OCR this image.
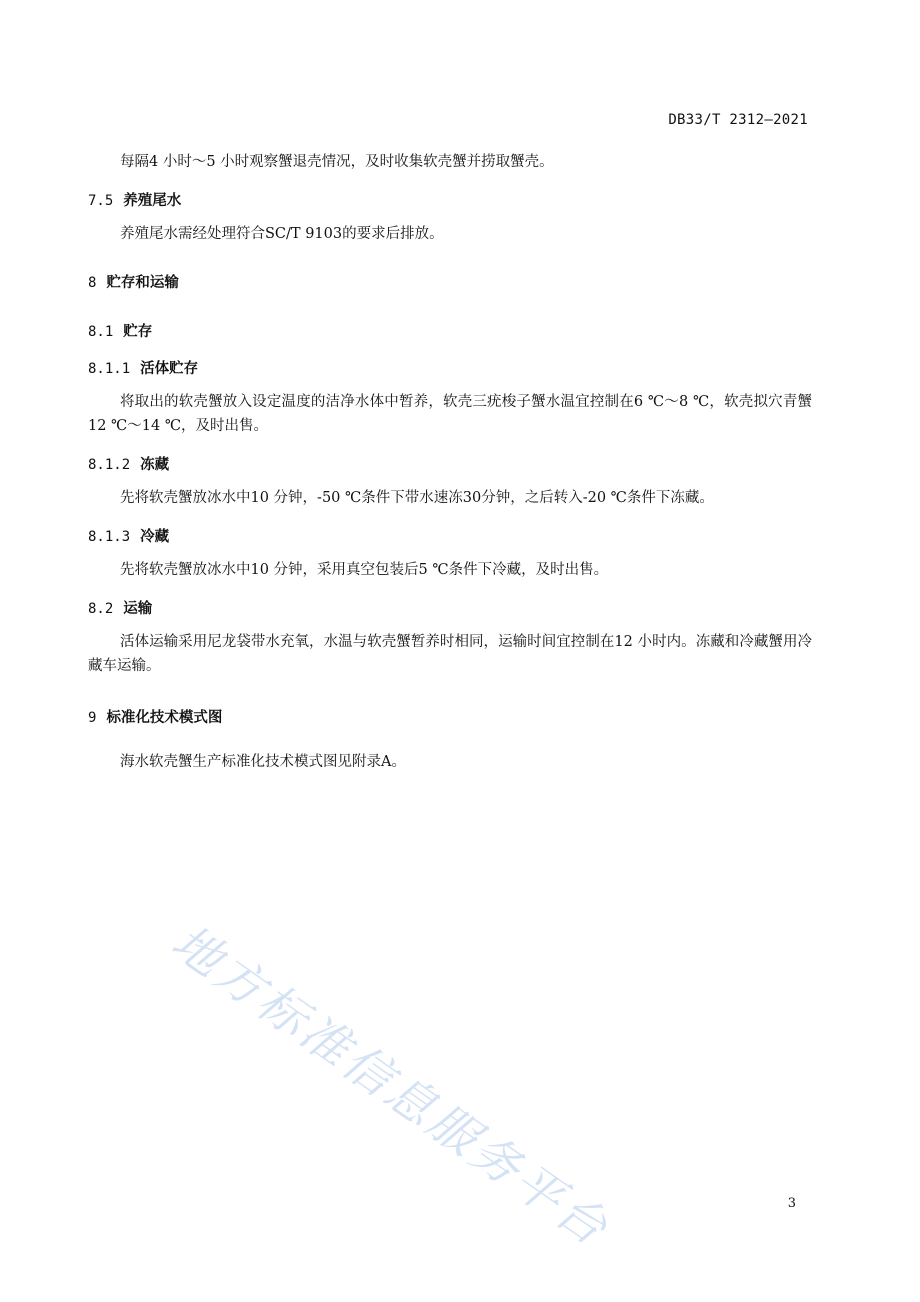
DB33/T 2312—2021
每隔4 小时～5 小时观察蟹退壳情况，及时收集软壳蟹并捞取蟹壳。
7.5 养殖尾水
养殖尾水需经处理符合SC/T 9103的要求后排放。
8 贮存和运输
8.1 贮存
8.1.1 活体贮存
将取出的软壳蟹放入设定温度的洁净水体中暂养，软壳三疣梭子蟹水温宜控制在6 ℃～8 ℃，软壳拟穴青蟹12 ℃～14 ℃，及时出售。
8.1.2 冻藏
先将软壳蟹放冰水中10 分钟，-50 ℃条件下带水速冻30分钟，之后转入-20 ℃条件下冻藏。
8.1.3 冷藏
先将软壳蟹放冰水中10 分钟，采用真空包装后5 ℃条件下冷藏，及时出售。
8.2 运输
活体运输采用尼龙袋带水充氧，水温与软壳蟹暂养时相同，运输时间宜控制在12 小时内。冻藏和冷藏蟹用冷藏车运输。
9 标准化技术模式图
海水软壳蟹生产标准化技术模式图见附录A。
地方标准信息服务平台	3
